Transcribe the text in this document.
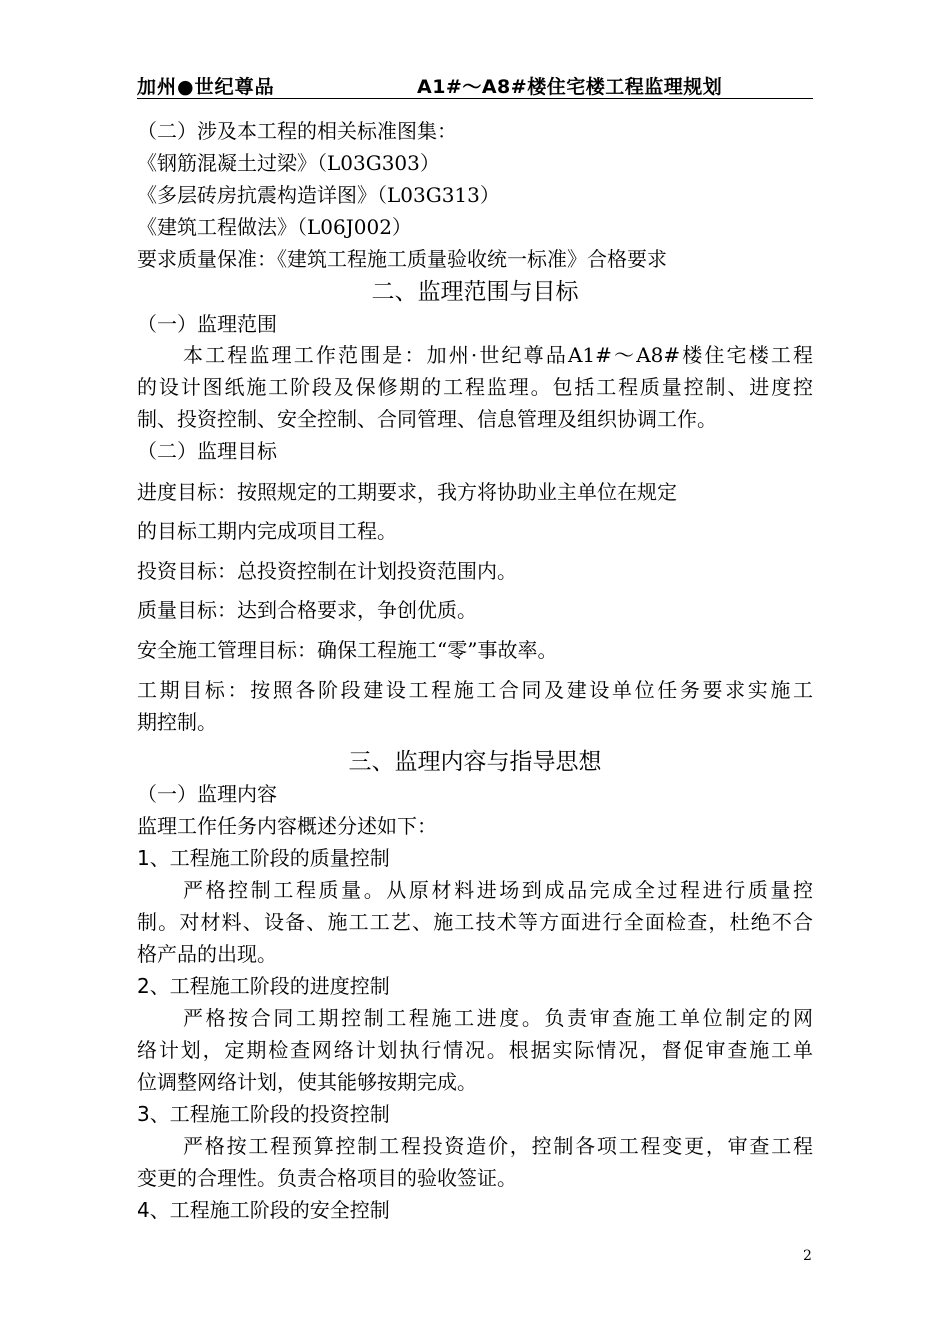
加州●世纪尊品	A1#～A8#楼住宅楼工程监理规划
（二）涉及本工程的相关标准图集：
《钢筋混凝土过梁》（L03G303）
《多层砖房抗震构造详图》（L03G313）
《建筑工程做法》（L06J002）
要求质量保准：《建筑工程施工质量验收统一标准》合格要求
二、监理范围与目标
（一）监理范围
本工程监理工作范围是：加州·世纪尊品A1#～A8#楼住宅楼工程
的设计图纸施工阶段及保修期的工程监理。包括工程质量控制、进度控
制、投资控制、安全控制、合同管理、信息管理及组织协调工作。
（二）监理目标
进度目标：按照规定的工期要求，我方将协助业主单位在规定
的目标工期内完成项目工程。
投资目标：总投资控制在计划投资范围内。
质量目标：达到合格要求，争创优质。
安全施工管理目标：确保工程施工“零”事故率。
工期目标：按照各阶段建设工程施工合同及建设单位任务要求实施工
期控制。
三、监理内容与指导思想
（一）监理内容
监理工作任务内容概述分述如下：
1、工程施工阶段的质量控制
严格控制工程质量。从原材料进场到成品完成全过程进行质量控
制。对材料、设备、施工工艺、施工技术等方面进行全面检查，杜绝不合
格产品的出现。
2、工程施工阶段的进度控制
严格按合同工期控制工程施工进度。负责审查施工单位制定的网
络计划，定期检查网络计划执行情况。根据实际情况，督促审查施工单
位调整网络计划，使其能够按期完成。
3、工程施工阶段的投资控制
严格按工程预算控制工程投资造价，控制各项工程变更，审查工程
变更的合理性。负责合格项目的验收签证。
4、工程施工阶段的安全控制
2
